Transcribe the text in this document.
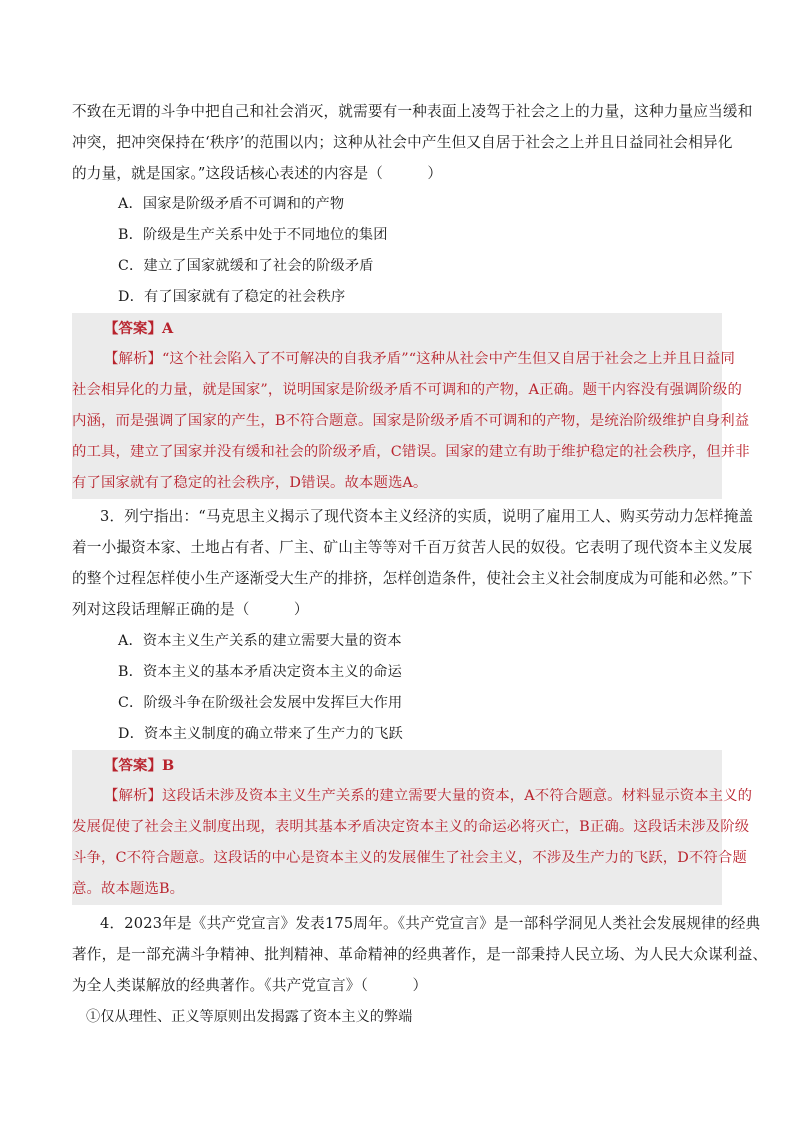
不致在无谓的斗争中把自己和社会消灭，就需要有一种表面上凌驾于社会之上的力量，这种力量应当缓和
冲突，把冲突保持在‘秩序’的范围以内；这种从社会中产生但又自居于社会之上并且日益同社会相异化
的力量，就是国家。”这段话核心表述的内容是（　　　）
A．国家是阶级矛盾不可调和的产物
B．阶级是生产关系中处于不同地位的集团
C．建立了国家就缓和了社会的阶级矛盾
D．有了国家就有了稳定的社会秩序
【答案】A
【解析】“这个社会陷入了不可解决的自我矛盾”“这种从社会中产生但又自居于社会之上并且日益同
社会相异化的力量，就是国家”，说明国家是阶级矛盾不可调和的产物，A正确。题干内容没有强调阶级的
内涵，而是强调了国家的产生，B不符合题意。国家是阶级矛盾不可调和的产物，是统治阶级维护自身利益
的工具，建立了国家并没有缓和社会的阶级矛盾，C错误。国家的建立有助于维护稳定的社会秩序，但并非
有了国家就有了稳定的社会秩序，D错误。故本题选A。
3．列宁指出：“马克思主义揭示了现代资本主义经济的实质，说明了雇用工人、购买劳动力怎样掩盖
着一小撮资本家、土地占有者、厂主、矿山主等等对千百万贫苦人民的奴役。它表明了现代资本主义发展
的整个过程怎样使小生产逐渐受大生产的排挤，怎样创造条件，使社会主义社会制度成为可能和必然。”下
列对这段话理解正确的是（　　　）
A．资本主义生产关系的建立需要大量的资本
B．资本主义的基本矛盾决定资本主义的命运
C．阶级斗争在阶级社会发展中发挥巨大作用
D．资本主义制度的确立带来了生产力的飞跃
【答案】B
【解析】这段话未涉及资本主义生产关系的建立需要大量的资本，A不符合题意。材料显示资本主义的
发展促使了社会主义制度出现，表明其基本矛盾决定资本主义的命运必将灭亡，B正确。这段话未涉及阶级
斗争，C不符合题意。这段话的中心是资本主义的发展催生了社会主义，不涉及生产力的飞跃，D不符合题
意。故本题选B。
4．2023年是《共产党宣言》发表175周年。《共产党宣言》是一部科学洞见人类社会发展规律的经典
著作，是一部充满斗争精神、批判精神、革命精神的经典著作，是一部秉持人民立场、为人民大众谋利益、
为全人类谋解放的经典著作。《共产党宣言》（　　　）
①仅从理性、正义等原则出发揭露了资本主义的弊端
